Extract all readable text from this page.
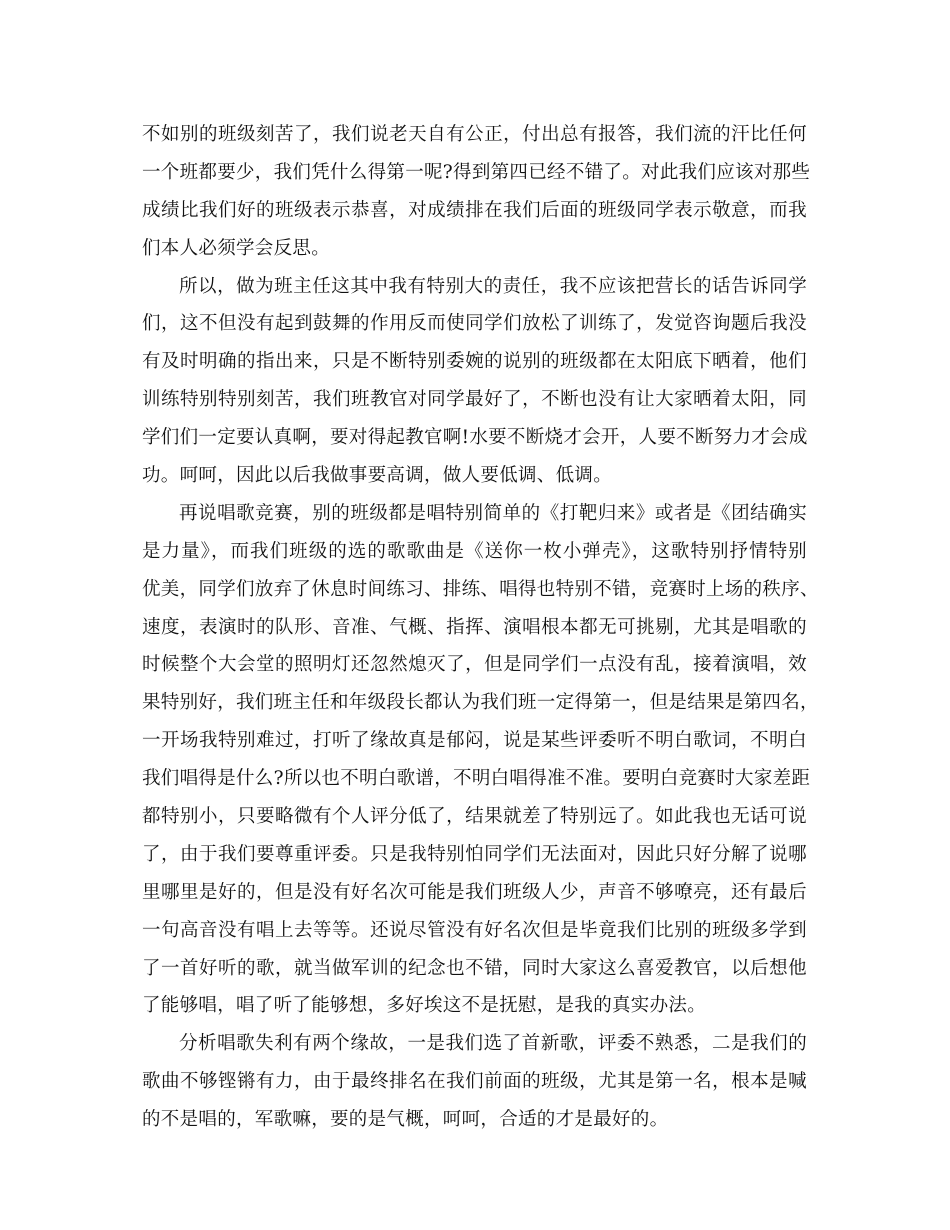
不如别的班级刻苦了，我们说老天自有公正，付出总有报答，我们流的汗比任何
一个班都要少，我们凭什么得第一呢?得到第四已经不错了。对此我们应该对那些
成绩比我们好的班级表示恭喜，对成绩排在我们后面的班级同学表示敬意，而我
们本人必须学会反思。
所以，做为班主任这其中我有特别大的责任，我不应该把营长的话告诉同学
们，这不但没有起到鼓舞的作用反而使同学们放松了训练了，发觉咨询题后我没
有及时明确的指出来，只是不断特别委婉的说别的班级都在太阳底下晒着，他们
训练特别特别刻苦，我们班教官对同学最好了，不断也没有让大家晒着太阳，同
学们们一定要认真啊，要对得起教官啊!水要不断烧才会开，人要不断努力才会成
功。呵呵，因此以后我做事要高调，做人要低调、低调。
再说唱歌竞赛，别的班级都是唱特别简单的《打靶归来》或者是《团结确实
是力量》，而我们班级的选的歌歌曲是《送你一枚小弹壳》，这歌特别抒情特别
优美，同学们放弃了休息时间练习、排练、唱得也特别不错，竞赛时上场的秩序、
速度，表演时的队形、音准、气概、指挥、演唱根本都无可挑剔，尤其是唱歌的
时候整个大会堂的照明灯还忽然熄灭了，但是同学们一点没有乱，接着演唱，效
果特别好，我们班主任和年级段长都认为我们班一定得第一，但是结果是第四名，
一开场我特别难过，打听了缘故真是郁闷，说是某些评委听不明白歌词，不明白
我们唱得是什么?所以也不明白歌谱，不明白唱得准不准。要明白竞赛时大家差距
都特别小，只要略微有个人评分低了，结果就差了特别远了。如此我也无话可说
了，由于我们要尊重评委。只是我特别怕同学们无法面对，因此只好分解了说哪
里哪里是好的，但是没有好名次可能是我们班级人少，声音不够嘹亮，还有最后
一句高音没有唱上去等等。还说尽管没有好名次但是毕竟我们比别的班级多学到
了一首好听的歌，就当做军训的纪念也不错，同时大家这么喜爱教官，以后想他
了能够唱，唱了听了能够想，多好埃这不是抚慰，是我的真实办法。
分析唱歌失利有两个缘故，一是我们选了首新歌，评委不熟悉，二是我们的
歌曲不够铿锵有力，由于最终排名在我们前面的班级，尤其是第一名，根本是喊
的不是唱的，军歌嘛，要的是气概，呵呵，合适的才是最好的。
